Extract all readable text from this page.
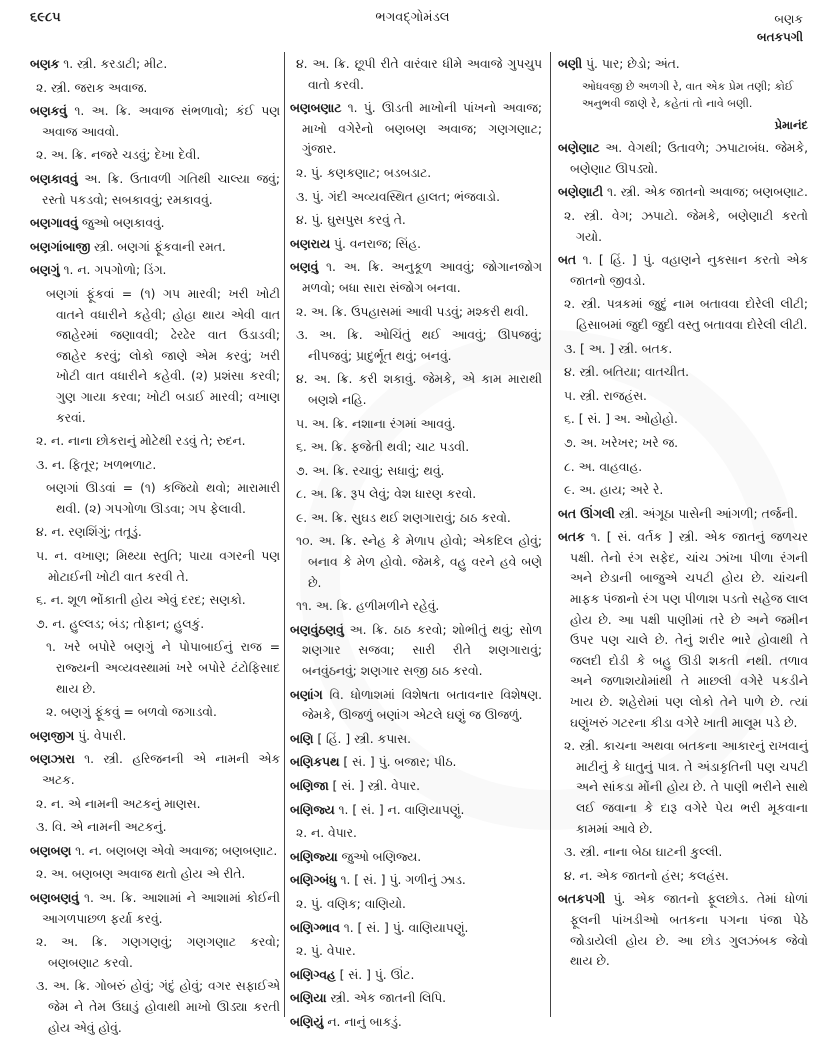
૬૯૮૫	ભગવદ્ગોમંડલ	બણક
બતકપગી
બણક ૧. સ્ત્રી. કરડાટી; મીટ.
૨. સ્ત્રી. જરાક અવાજ.
બણકવું ૧. અ. ક્રિ. અવાજ સંભળાવો; કંઈ પણ અવાજ આવવો.
૨. અ. ક્રિ. નજરે ચડવું; દેખા દેવી.
બણકાવવું અ. ક્રિ. ઉતાવળી ગતિથી ચાલ્યા જવું; રસ્તો પકડવો; સબકાવવું; રમકાવવું.
બણગાવવું જુઓ બણકાવવું.
બણગાંબાજી સ્ત્રી. બણગાં ફૂંકવાની રમત.
બણગું ૧. ન. ગપગોળો; ડિંગ.
બણગાં ફૂંકવાં = (૧) ગપ મારવી; ખરી ખોટી વાતને વધારીને કહેવી; હોહા થાય એવી વાત જાહેરમાં જણાવવી; ઢેરઢેર વાત ઉડાડવી; જાહેર કરવું; લોકો જાણે એમ કરવું; ખરી ખોટી વાત વધારીને કહેવી. (૨) પ્રશંસા કરવી; ગુણ ગાયા કરવા; ખોટી બડાઈ મારવી; વખાણ કરવાં.
૨. ન. નાના છોકરાનું મોટેથી રડવું તે; રુદન.
૩. ન. ફિતૂર; ખળભળાટ.
બણગાં ઊડવાં = (૧) કજિયો થવો; મારામારી થવી. (૨) ગપગોળા ઊડવા; ગપ ફેલાવી.
૪. ન. રણશિંગું; તતૂડું.
૫. ન. વખાણ; મિથ્યા સ્તુતિ; પાયા વગરની પણ મોટાઈની ખોટી વાત કરવી તે.
૬. ન. શૂળ ભોંકાતી હોય એવું દરદ; સણકો.
૭. ન. હુલ્લડ; બંડ; તોફાન; હુલકું.
૧. ખરે બપોરે બણગું ને પોપાબાઈનું રાજ = રાજ્યની અવ્યવસ્થામાં ખરે બપોરે ટંટોફિસાદ થાય છે.
૨. બણગું ફૂંકવું = બળવો જગાડવો.
બણજીગ પું. વેપારી.
બણઝારા ૧. સ્ત્રી. હરિજનની એ નામની એક અટક.
૨. ન. એ નામની અટકનું માણસ.
૩. વિ. એ નામની અટકનું.
બણબણ ૧. ન. બણબણ એવો અવાજ; બણબણાટ.
૨. અ. બણબણ અવાજ થતો હોય એ રીતે.
બણબણવું ૧. અ. ક્રિ. આશામાં ને આશામાં કોઈની આગળપાછળ ફર્યા કરવું.
૨. અ. ક્રિ. ગણગણવું; ગણગણાટ કરવો; બણબણાટ કરવો.
૩. અ. ક્રિ. ગોબરું હોવું; ગંદું હોવું; વગર સફાઈએ જેમ ને તેમ ઉઘાડું હોવાથી માખો ઊડ્યા કરતી હોય એવું હોવું.
૪. અ. ક્રિ. છૂપી રીતે વારંવાર ધીમે અવાજે ગુપચુપ વાતો કરવી.
બણબણાટ ૧. પું. ઊડતી માખોની પાંખનો અવાજ; માખો વગેરેનો બણબણ અવાજ; ગણગણાટ; ગુંજાર.
૨. પું. કણકણાટ; બડબડાટ.
૩. પું. ગંદી અવ્યવસ્થિત હાલત; ભંજવાડો.
૪. પું. ઘુસપુસ કરવું તે.
બણરાય પું. વનરાજ; સિંહ.
બણવું ૧. અ. ક્રિ. અનુકૂળ આવવું; જોગાનજોગ મળવો; બધા સારા સંજોગ બનવા.
૨. અ. ક્રિ. ઉપહાસમાં આવી પડવું; મશ્કરી થવી.
૩. અ. ક્રિ. ઓચિંતું થઈ આવવું; ઊપજવું; નીપજવું; પ્રાદુર્ભૂત થવું; બનવું.
૪. અ. ક્રિ. કરી શકાવું. જેમકે, એ કામ મારાથી બણશે નહિ.
૫. અ. ક્રિ. નશાના રંગમાં આવવું.
૬. અ. ક્રિ. ફજેતી થવી; ચાટ પડવી.
૭. અ. ક્રિ. રચાવું; સધાવું; થવું.
૮. અ. ક્રિ. રૂપ લેવું; વેશ ધારણ કરવો.
૯. અ. ક્રિ. સુઘડ થઈ શણગારાવું; ઠાઠ કરવો.
૧૦. અ. ક્રિ. સ્નેહ કે મેળાપ હોવો; એકદિલ હોવું; બનાવ કે મેળ હોવો. જેમકે, વહુ વરને હવે બણે છે.
૧૧. અ. ક્રિ. હળીમળીને રહેવું.
બણવુંઠણવું અ. ક્રિ. ઠાઠ કરવો; શોભીતું થવું; સોળ શણગાર સજવા; સારી રીતે શણગારાવું; બનવુંઠનવું; શણગાર સજી ઠાઠ કરવો.
બણાંગ વિ. ધોળાશમાં વિશેષતા બતાવનાર વિશેષણ. જેમકે, ઊજળું બણાંગ એટલે ઘણું જ ઊજળું.
બણિ [ હિં. ] સ્ત્રી. કપાસ.
બણિકપથ [ સં. ] પું. બજાર; પીઠ.
બણિજા [ સં. ] સ્ત્રી. વેપાર.
બણિજ્ય ૧. [ સં. ] ન. વાણિયાપણું.
૨. ન. વેપાર.
બણિજ્યા જુઓ બણિજ્ય.
બણિગ્બંધુ ૧. [ સં. ] પું. ગળીનું ઝાડ.
૨. પું. વણિક; વાણિયો.
બણિગ્ભાવ ૧. [ સં. ] પું. વાણિયાપણું.
૨. પું. વેપાર.
બણિગ્વહ [ સં. ] પું. ઊંટ.
બણિયા સ્ત્રી. એક જાતની લિપિ.
બણિયું ન. નાનું બાકડું.
બણી પું. પાર; છેડો; અંત.
ઓધવજી છે અળગી રે, વાત એક પ્રેમ તણી; કોઈ અનુભવી જાણે રે, કહેતાં તો નાવે બણી.
પ્રેમાનંદ
બણેણાટ અ. વેગથી; ઉતાવળે; ઝપાટાબંધ. જેમકે, બણેણાટ ઊપડ્યો.
બણેણાટી ૧. સ્ત્રી. એક જાતનો અવાજ; બણબણાટ.
૨. સ્ત્રી. વેગ; ઝપાટો. જેમકે, બણેણાટી કરતો ગયો.
બત ૧. [ હિં. ] પું. વહાણને નુકસાન કરતો એક જાતનો જીવડો.
૨. સ્ત્રી. પત્રકમાં જુદું નામ બતાવવા દોરેલી લીટી; હિસાબમાં જુદી જુદી વસ્તુ બતાવવા દોરેલી લીટી.
૩. [ અ. ] સ્ત્રી. બતક.
૪. સ્ત્રી. બતિયા; વાતચીત.
૫. સ્ત્રી. રાજહંસ.
૬. [ સં. ] અ. ઓહોહો.
૭. અ. ખરેખર; ખરે જ.
૮. અ. વાહવાહ.
૯. અ. હાય; અરે રે.
બત ઊંગલી સ્ત્રી. અંગૂઠા પાસેની આંગળી; તર્જની.
બતક ૧. [ સં. વર્તક ] સ્ત્રી. એક જાતનું જળચર પક્ષી. તેનો રંગ સફેદ, ચાંચ ઝાંખા પીળા રંગની અને છેડાની બાજુએ ચપટી હોય છે. ચાંચની માફક પંજાનો રંગ પણ પીળાશ પડતો સહેજ લાલ હોય છે. આ પક્ષી પાણીમાં તરે છે અને જમીન ઉપર પણ ચાલે છે. તેનું શરીર ભારે હોવાથી તે જલદી દોડી કે બહુ ઊડી શકતી નથી. તળાવ અને જળાશયોમાંથી તે માછલી વગેરે પકડીને ખાય છે. શહેરોમાં પણ લોકો તેને પાળે છે. ત્યાં ઘણુંખરું ગટરના કીડા વગેરે ખાતી માલૂમ પડે છે.
૨. સ્ત્રી. કાચના અથવા બતકના આકારનું રાખવાનું માટીનું કે ધાતુનું પાત્ર. તે અંડાકૃતિની પણ ચપટી અને સાંકડા મોંની હોય છે. તે પાણી ભરીને સાથે લઈ જવાના કે દારૂ વગેરે પેય ભરી મૂકવાના કામમાં આવે છે.
૩. સ્ત્રી. નાના બેઠા ઘાટની કુલ્લી.
૪. ન. એક જાતનો હંસ; કલહંસ.
બતકપગી પું. એક જાતનો ફૂલછોડ. તેમાં ધોળાં ફૂલની પાંખડીઓ બતકના પગના પંજા પેઠે જોડાયેલી હોય છે. આ છોડ ગુલઝંબક જેવો થાય છે.
